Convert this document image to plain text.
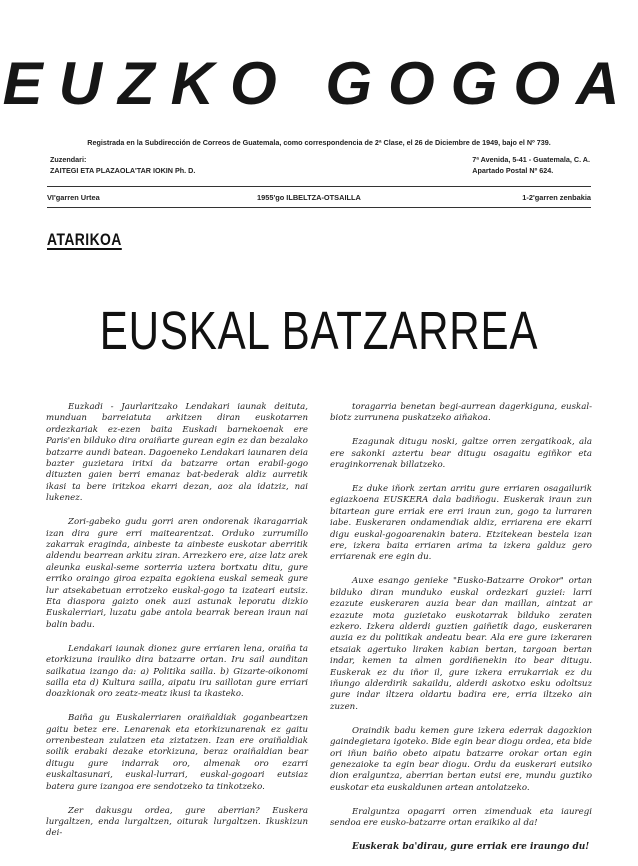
EUZKO GOGOA
Registrada en la Subdirección de Correos de Guatemala, como correspondencia de 2ª Clase, el 26 de Diciembre de 1949, bajo el Nº 739.
Zuzendari:
ZAITEGI ETA PLAZAOLA'TAR IOKIN Ph. D.
7ª Avenida, 5-41 - Guatemala, C. A.
Apartado Postal Nº 624.
VI'garren Urtea	1955'go ILBELTZA-OTSAILLA	1-2'garren zenbakia
ATARIKOA
EUSKAL BATZARREA

Euzkadi - Jaurlaritzako Lendakari iaunak deituta, munduan barreiatuta arkitzen diran euskotarren ordezkariak ez-ezen baita Euskadi barnekoenak ere Paris'en bilduko dira oraiñarte gurean egin ez dan bezalako batzarre aundi batean. Dagoeneko Lendakari iaunaren deia bazter guzietara iritxi da batzarre ortan erabil-gogo dituzten gaien berri emanaz bat-bederak aldiz aurretik ikasi ta bere iritzkoa ekarri dezan, aoz ala idatziz, nai lukenez.

Zori-gabeko gudu gorri aren ondorenak ikaragarriak izan dira gure erri maitearentzat. Orduko zurrumillo zakarrak eraginda, ainbeste ta ainbeste euskotar aberritik aldendu bearrean arkitu ziran. Arrezkero ere, aize latz arek aleunka euskal-seme sorterria uztera bortxatu ditu, gure erriko oraingo giroa ezpaita egokiena euskal semeak gure lur atsekabetuan errotzeko euskal-gogo ta izateari eutsiz. Eta diaspora gaizto onek auzi astunak leporatu dizkio Euskalerriari, luzatu gabe antola bearrak berean iraun nai balin badu.

Lendakari iaunak dionez gure erriaren lena, oraiña ta etorkizuna irauliko dira batzarre ortan. Iru sail aunditan sailkatua izango da: a) Politika sailla. b) Gizarte-oikonomi sailla eta d) Kultura sailla, aipatu iru saillotan gure erriari doazkionak oro zeatz-meatz ikusi ta ikasteko.

Baiña gu Euskalerriaren oraiñaldiak goganbeartzen gaitu betez ere. Lenarenak eta etorkizunarenak ez gaitu orrenbestean zulatzen eta ziztatzen. Izan ere oraiñaldiak soilik erabaki dezake etorkizuna, beraz oraiñaldian bear ditugu gure indarrak oro, almenak oro ezarri euskaltasunari, euskal-lurrari, euskal-gogoari eutsiaz batera gure izangoa ere sendotzeko ta tinkotzeko.

Zer dakusgu ordea, gure aberrian? Euskera lurgaltzen, enda lurgaltzen, oiturak lurgaltzen. Ikuskizun dei-

toragarria benetan begi-aurrean dagerkiguna, euskal-biotz zurrunena puskatzeko aiñakoa.

Ezagunak ditugu noski, galtze orren zergatikoak, ala ere sakonki aztertu bear ditugu osagaitu egiñkor eta eraginkorrenak billatzeko.

Ez duke iñork zertan arritu gure erriaren osagailurik egiazkoena EUSKERA dala badiñogu. Euskerak iraun zun bitartean gure erriak ere erri iraun zun, gogo ta lurraren iabe. Euskeraren ondamendiak aldiz, erriarena ere ekarri digu euskal-gogoarenakin batera. Etzitekean bestela izan ere, izkera baita erriaren arima ta izkera galduz gero erriarenak ere egin du.

Auxe esango genieke "Eusko-Batzarre Orokor" ortan bilduko diran munduko euskal ordezkari guziei: larri ezazute euskeraren auzia bear dan maillan, aintzat ar ezazute mota guzietako euskotarrak bilduko zeraten ezkero. Izkera alderdi guztien gaiñetik dago, euskeraren auzia ez du politikak andeatu bear. Ala ere gure izkeraren etsaiak agertuko liraken kabian bertan, targoan bertan indar, kemen ta almen gordiñenekin ito bear ditugu. Euskerak ez du iñor il, gure izkera errukarriak ez du iñungo alderdirik sakaildu, alderdi askotxo esku odoltsuz gure indar iltzera oldartu badira ere, erria iltzeko ain zuzen.

Oraindik badu kemen gure izkera ederrak dagozkion gaindegietara igoteko. Bide egin bear diogu ordea, eta bide ori iñun baiño obeto aipatu batzarre orokar ortan egin genezaioke ta egin bear diogu. Ordu da euskerari eutsiko dion eralguntza, aberrian bertan eutsi ere, mundu guztiko euskotar eta euskaldunen artean antolatzeko.

Eralguntza opagarri orren zimenduak eta iauregi sendoa ere eusko-batzarre ortan eraikiko al da!

Euskerak ba'dirau, gure erriak ere iraungo du!
